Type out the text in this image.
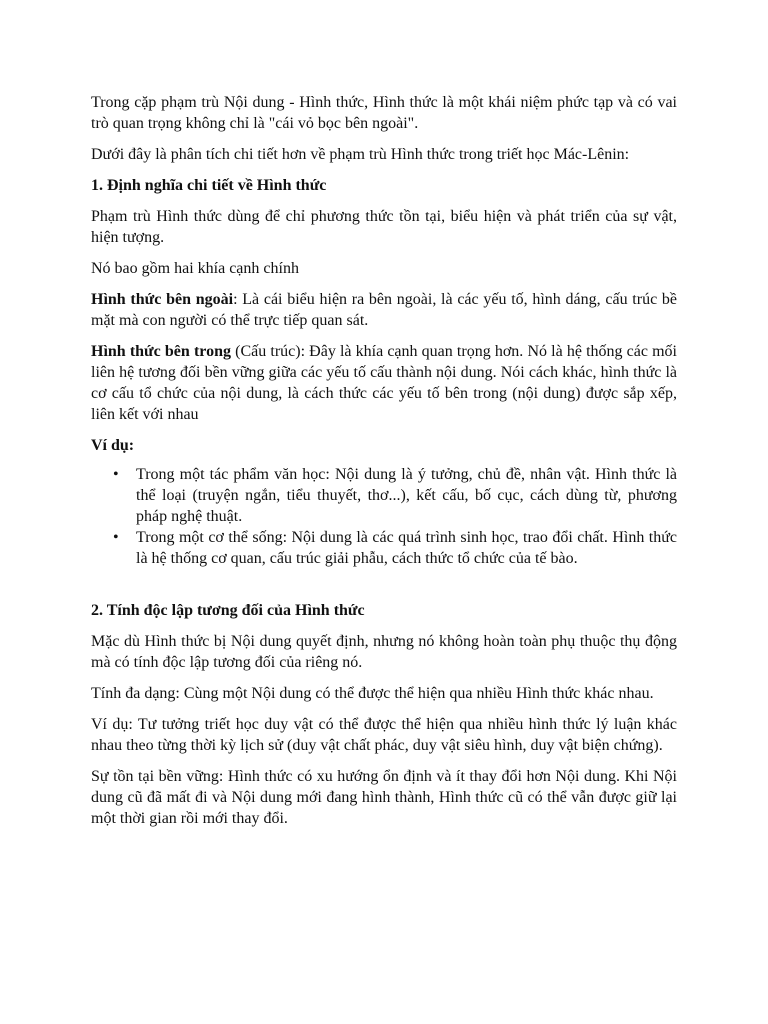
Trong cặp phạm trù Nội dung - Hình thức, Hình thức là một khái niệm phức tạp và có vai trò quan trọng không chỉ là "cái vỏ bọc bên ngoài".

Dưới đây là phân tích chi tiết hơn về phạm trù Hình thức trong triết học Mác-Lênin:

1. Định nghĩa chi tiết về Hình thức

Phạm trù Hình thức dùng để chỉ phương thức tồn tại, biểu hiện và phát triển của sự vật, hiện tượng.

Nó bao gồm hai khía cạnh chính

Hình thức bên ngoài: Là cái biểu hiện ra bên ngoài, là các yếu tố, hình dáng, cấu trúc bề mặt mà con người có thể trực tiếp quan sát.

Hình thức bên trong (Cấu trúc): Đây là khía cạnh quan trọng hơn. Nó là hệ thống các mối liên hệ tương đối bền vững giữa các yếu tố cấu thành nội dung. Nói cách khác, hình thức là cơ cấu tổ chức của nội dung, là cách thức các yếu tố bên trong (nội dung) được sắp xếp, liên kết với nhau

Ví dụ:

• Trong một tác phẩm văn học: Nội dung là ý tưởng, chủ đề, nhân vật. Hình thức là thể loại (truyện ngắn, tiểu thuyết, thơ...), kết cấu, bố cục, cách dùng từ, phương pháp nghệ thuật.
• Trong một cơ thể sống: Nội dung là các quá trình sinh học, trao đổi chất. Hình thức là hệ thống cơ quan, cấu trúc giải phẫu, cách thức tổ chức của tế bào.

2. Tính độc lập tương đối của Hình thức

Mặc dù Hình thức bị Nội dung quyết định, nhưng nó không hoàn toàn phụ thuộc thụ động mà có tính độc lập tương đối của riêng nó.

Tính đa dạng: Cùng một Nội dung có thể được thể hiện qua nhiều Hình thức khác nhau.

Ví dụ: Tư tưởng triết học duy vật có thể được thể hiện qua nhiều hình thức lý luận khác nhau theo từng thời kỳ lịch sử (duy vật chất phác, duy vật siêu hình, duy vật biện chứng).

Sự tồn tại bền vững: Hình thức có xu hướng ổn định và ít thay đổi hơn Nội dung. Khi Nội dung cũ đã mất đi và Nội dung mới đang hình thành, Hình thức cũ có thể vẫn được giữ lại một thời gian rồi mới thay đổi.
